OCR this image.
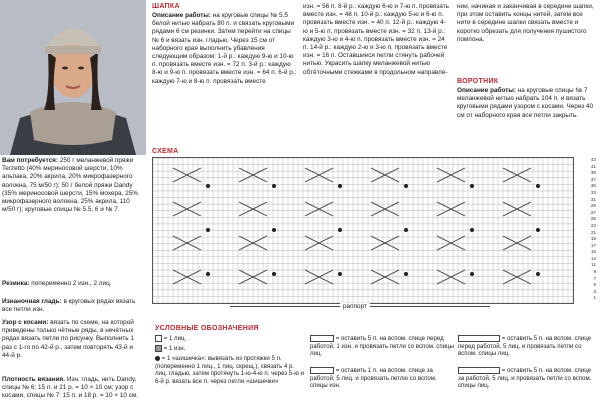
Вам потребуется: 250 г меланжевой пряжи Terzetto (40% мериносовой шерсти, 10% альпака, 20% акрила, 20% микрофазерного волокна, 75 м/50 г); 50 г белой пряжи Dandy (35% мериносовой шерсти, 15% мохера, 25% микрофазерного волокна, 25% акрила, 110 м/50 г); круговые спицы № 5.5, 6 и № 7.
Резинка: попеременно 2 изн., 2 лиц.
Изнаночная гладь: в круговых рядах вязать все петли изн.
Узор с косами: вязать по схеме, на которой приведены только чётные ряды, в нечётных рядах вязать петли по рисунку. Выполнить 1 раз с 1-го по 42-й р., затем повторять 43-й и 44-й р.
Плотность вязания. Изн. гладь, нить Dandy, спицы № 6: 15 п. и 21 р. = 10 × 10 см; узор с косами, спицы № 7: 15 п. и 18 р. = 10 × 10 см.
ШАПКА
Описание работы: на круговые спицы № 5.5 белой нитью набрать 80 п. и связать круговыми рядами 6 см резинки. Затем перейти на спицы № 6 и вязать изн. гладью. Через 15 см от наборного края выполнить убавления следующим образом: 1-й р.: каждую 9-ю и 10-ю п. провязать вместе изн. = 72 п. 3-й р.: каждую 8-ю и 9-ю п. провязать вместе изн. = 64 п. 6-й р.: каждую 7-ю и 8-ю п. провязать вместе
изн. = 56 п. 8-й р.: каждую 6-ю и 7-ю п. провязать вместе изн. = 48 п. 10-й р.: каждую 5-ю и 6-ю п. провязать вместе изн. = 40 п. 12-й р.: каждую 4-ю и 5-ю п. провязать вместе изн. = 32 п. 13-й р.: каждую 3-ю и 4-ю п. провязать вместе изн. = 24 п. 14-й р.: каждую 2-ю и 3-ю п. провязать вместе изн. = 16 п. Оставшиеся петли стянуть рабочей нитью. Украсить шапку меланжевой нитью обтёточными стежками в продольном направле-
нии, начиная и заканчивая в середине шапки, при этом оставить концы нитей, затем все нити в середине шапки связать вместе и коротко обрезать для получения пушистого помпона.
ВОРОТНИК
Описание работы: на круговые спицы № 7 меланжевой нитью набрать 104 п. и вязать круговыми рядами узором с косами. Через 40 см от наборного края все петли закрыть.
СХЕМА
43
41
39
37
35
33
31
29
27
25
23
21
19
17
15
13
11
9
7
5
3
1
раппорт
УСЛОВНЫЕ ОБОЗНАЧЕНИЯ
= 1 лиц.
= 1 изн.
= 1 «шишечка»: вывязать из протяжки 5 п. (попеременно 1 лиц., 1 лиц. скрещ.), связать 4 р. лиц. гладью, затем протянуть 1-ю-4-ю п. через 5-ю и 6-й р. вязать все п. через петли «шишечки»
= оставить 5 п. на вспом. спице перед работой, 1 изн. и провязать петли со вспом. спицы лиц.
= оставить 1 п. на вспом. спице за работой, 5 лиц. и провязать петлю со вспом. спицы изн.
= оставить 5 п. на вспом. спице перед работой, 5 лиц. и провязать петли со вспом. спицы лиц.
= оставить 5 п. на вспом. спице за работой, 5 лиц. и провязать петли со вспом. спицы лиц.
